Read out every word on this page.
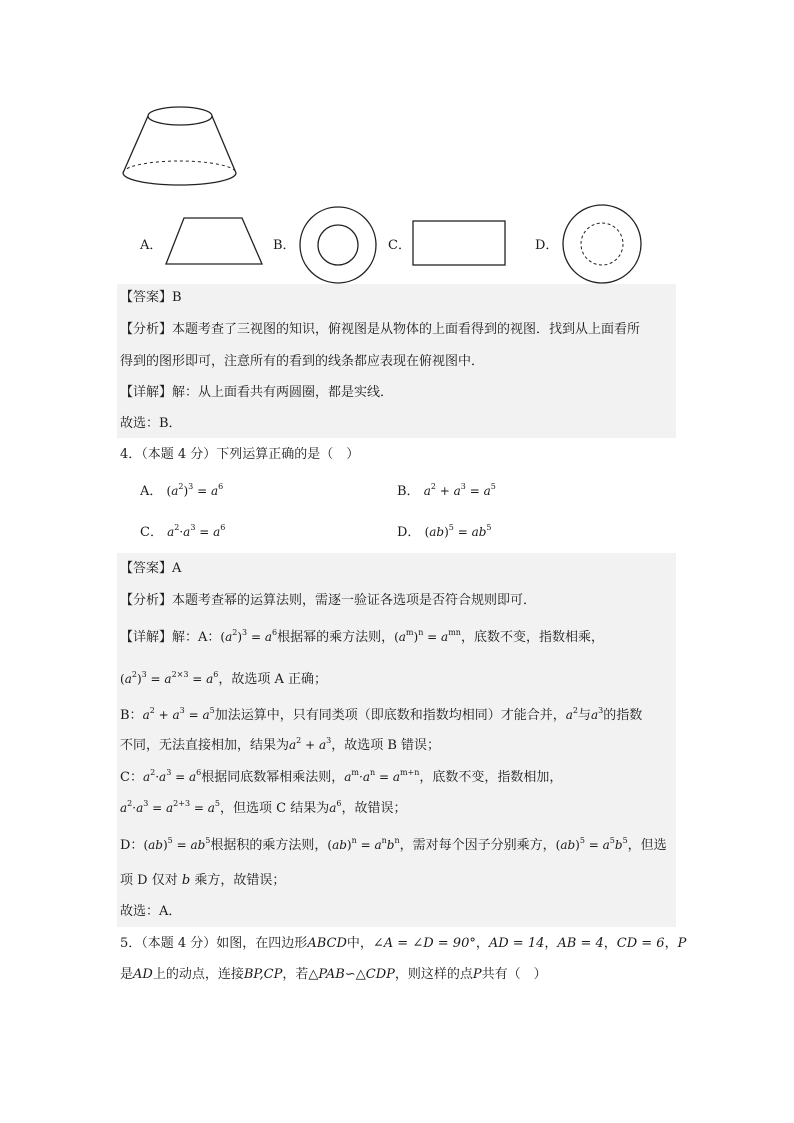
A．	B．	C．	D．
【答案】B
【分析】本题考查了三视图的知识，俯视图是从物体的上面看得到的视图．找到从上面看所
得到的图形即可，注意所有的看到的线条都应表现在俯视图中．
【详解】解：从上面看共有两圆圈，都是实线．
故选：B．
4．（本题 4 分）下列运算正确的是（　）
A． $(a^2)^3 = a^6$	B． $a^2 + a^3 = a^5$
C． $a^2\cdot a^3 = a^6$	D． $(ab)^5 = ab^5$
【答案】A
【分析】本题考查幂的运算法则，需逐一验证各选项是否符合规则即可．
【详解】解：A：$(a^2)^3 = a^6$根据幂的乘方法则，$(a^m)^n = a^{mn}$，底数不变，指数相乘，
$(a^2)^3 = a^{2\times 3} = a^6$，故选项 A 正确；
B：$a^2 + a^3 = a^5$加法运算中，只有同类项（即底数和指数均相同）才能合并，$a^2$与$a^3$的指数
不同，无法直接相加，结果为$a^2 + a^3$，故选项 B 错误；
C：$a^2\cdot a^3 = a^6$根据同底数幂相乘法则，$a^m\cdot a^n = a^{m+n}$，底数不变，指数相加，
$a^2\cdot a^3 = a^{2+3} = a^5$，但选项 C 结果为$a^6$，故错误；
D：$(ab)^5 = ab^5$根据积的乘方法则，$(ab)^n = a^nb^n$，需对每个因子分别乘方，$(ab)^5 = a^5b^5$，但选
项 D 仅对 b 乘方，故错误；
故选：A．
5．（本题 4 分）如图，在四边形ABCD中，∠A = ∠D = 90°，AD = 14，AB = 4，CD = 6，P
是AD上的动点，连接BP,CP，若△PAB∽△CDP，则这样的点P共有（　）
